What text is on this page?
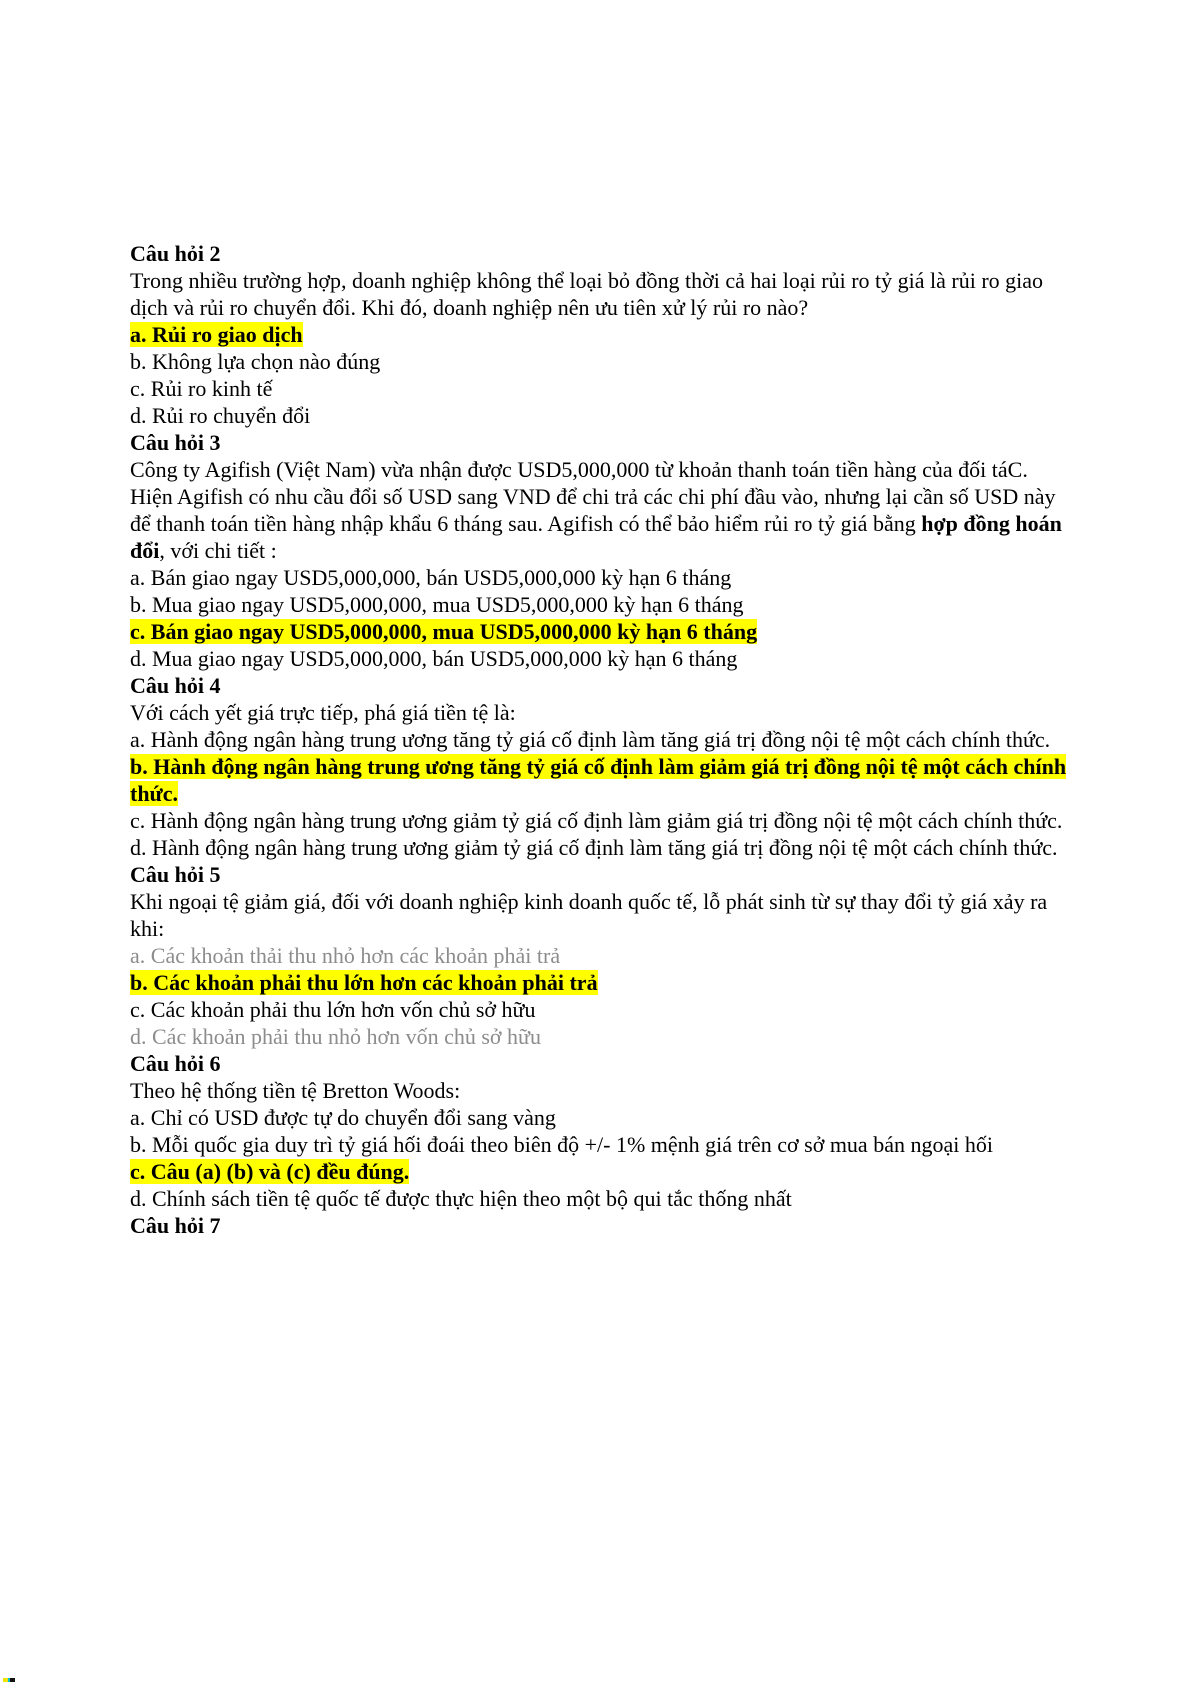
Câu hỏi 2

Trong nhiều trường hợp, doanh nghiệp không thể loại bỏ đồng thời cả hai loại rủi ro tỷ giá là rủi ro giao dịch và rủi ro chuyển đổi. Khi đó, doanh nghiệp nên ưu tiên xử lý rủi ro nào?

a. Rủi ro giao dịch

b. Không lựa chọn nào đúng

c. Rủi ro kinh tế

d. Rủi ro chuyển đổi

Câu hỏi 3

Công ty Agifish (Việt Nam) vừa nhận được USD5,000,000 từ khoản thanh toán tiền hàng của đối táC. Hiện Agifish có nhu cầu đổi số USD sang VND để chi trả các chi phí đầu vào, nhưng lại cần số USD này để thanh toán tiền hàng nhập khẩu 6 tháng sau. Agifish có thể bảo hiểm rủi ro tỷ giá bằng hợp đồng hoán đổi, với chi tiết :

a. Bán giao ngay USD5,000,000, bán USD5,000,000 kỳ hạn 6 tháng

b. Mua giao ngay USD5,000,000, mua USD5,000,000 kỳ hạn 6 tháng

c. Bán giao ngay USD5,000,000, mua USD5,000,000 kỳ hạn 6 tháng

d. Mua giao ngay USD5,000,000, bán USD5,000,000 kỳ hạn 6 tháng

Câu hỏi 4

Với cách yết giá trực tiếp, phá giá tiền tệ là:

a. Hành động ngân hàng trung ương tăng tỷ giá cố định làm tăng giá trị đồng nội tệ một cách chính thức.

b. Hành động ngân hàng trung ương tăng tỷ giá cố định làm giảm giá trị đồng nội tệ một cách chính thức.

c. Hành động ngân hàng trung ương giảm tỷ giá cố định làm giảm giá trị đồng nội tệ một cách chính thức.

d. Hành động ngân hàng trung ương giảm tỷ giá cố định làm tăng giá trị đồng nội tệ một cách chính thức.

Câu hỏi 5

Khi ngoại tệ giảm giá, đối với doanh nghiệp kinh doanh quốc tế, lỗ phát sinh từ sự thay đổi tỷ giá xảy ra khi:

a. Các khoản thải thu nhỏ hơn các khoản phải trả

b. Các khoản phải thu lớn hơn các khoản phải trả

c. Các khoản phải thu lớn hơn vốn chủ sở hữu

d. Các khoản phải thu nhỏ hơn vốn chủ sở hữu

Câu hỏi 6

Theo hệ thống tiền tệ Bretton Woods:

a. Chỉ có USD được tự do chuyển đổi sang vàng

b. Mỗi quốc gia duy trì tỷ giá hối đoái theo biên độ +/- 1% mệnh giá trên cơ sở mua bán ngoại hối

c. Câu (a) (b) và (c) đều đúng.

d. Chính sách tiền tệ quốc tế được thực hiện theo một bộ qui tắc thống nhất

Câu hỏi 7
